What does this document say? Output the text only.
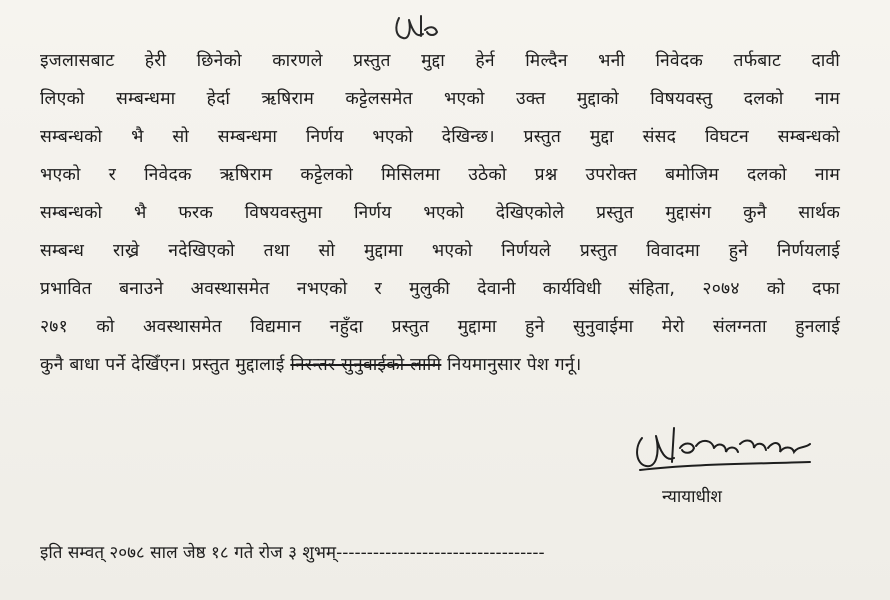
इजलासबाट हेरी छिनेको कारणले प्रस्तुत मुद्दा हेर्न मिल्दैन भनी निवेदक तर्फबाट दावी
लिएको सम्बन्धमा हेर्दा ऋषिराम कट्टेलसमेत भएको उक्त मुद्दाको विषयवस्तु दलको नाम
सम्बन्धको भै सो सम्बन्धमा निर्णय भएको देखिन्छ। प्रस्तुत मुद्दा संसद विघटन सम्बन्धको
भएको र निवेदक ऋषिराम कट्टेलको मिसिलमा उठेको प्रश्न उपरोक्त बमोजिम दलको नाम
सम्बन्धको भै फरक विषयवस्तुमा निर्णय भएको देखिएकोले प्रस्तुत मुद्दासंग कुनै सार्थक
सम्बन्ध राख्रे नदेखिएको तथा सो मुद्दामा भएको निर्णयले प्रस्तुत विवादमा हुने निर्णयलाई
प्रभावित बनाउने अवस्थासमेत नभएको र मुलुकी देवानी कार्यविधी संहिता, २०७४ को दफा
२७१ को अवस्थासमेत विद्यमान नहुँदा प्रस्तुत मुद्दामा हुने सुनुवाईमा मेरो संलग्नता हुनलाई
कुनै बाधा पर्ने देखिँएन। प्रस्तुत मुद्दालाई निरन्तर सुनुवाईको लागि नियमानुसार पेश गर्नू।
न्यायाधीश
इति सम्वत् २०७८ साल जेष्ठ १८ गते रोज ३ शुभम्----------------------------------
